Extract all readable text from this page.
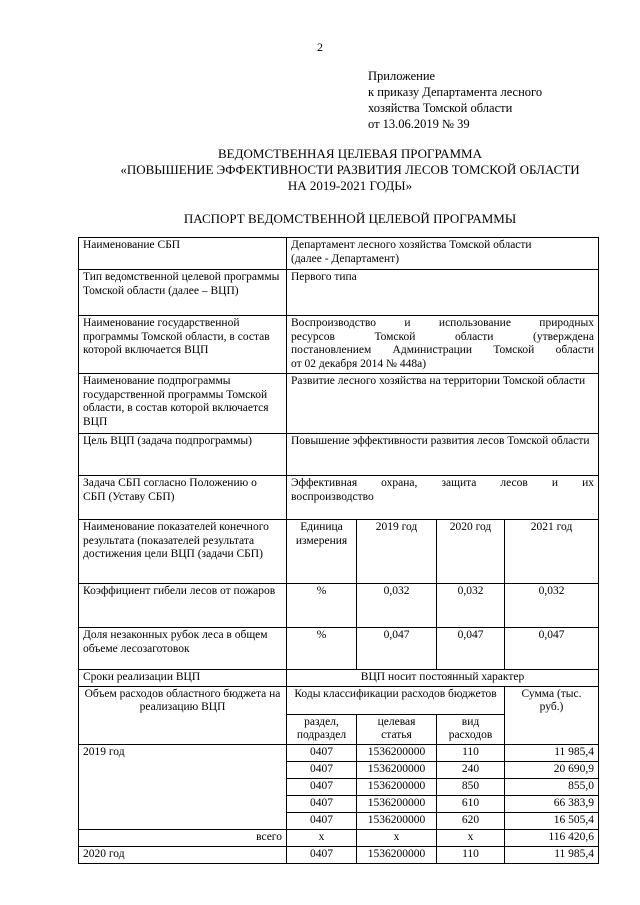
2
Приложение
к приказу Департамента лесного
хозяйства Томской области
от 13.06.2019 № 39
ВЕДОМСТВЕННАЯ ЦЕЛЕВАЯ ПРОГРАММА
«ПОВЫШЕНИЕ ЭФФЕКТИВНОСТИ РАЗВИТИЯ ЛЕСОВ ТОМСКОЙ ОБЛАСТИ
НА 2019-2021 ГОДЫ»
ПАСПОРТ ВЕДОМСТВЕННОЙ ЦЕЛЕВОЙ ПРОГРАММЫ
Наименование СБП	Департамент лесного хозяйства Томской области
(далее - Департамент)			

Тип ведомственной целевой программы Томской области (далее – ВЦП)	Первого типа			
Наименование государственной программы Томской области, в состав которой включается ВЦП	Воспроизводство и использование природных
ресурсов Томской области (утверждена
постановлением Администрации Томской области
от 02 декабря 2014 № 448а)			

Наименование подпрограммы государственной программы Томской области, в состав которой включается ВЦП	Развитие лесного хозяйства на территории Томской области			
Цель ВЦП (задача подпрограммы)	Повышение эффективности развития лесов Томской области			
Задача СБП согласно Положению о СБП (Уставу СБП)	Эффективная охрана, защита лесов и их
воспроизводство			

Наименование показателей конечного результата (показателей результата достижения цели ВЦП (задачи СБП)	Единица измерения	2019 год	2020 год	2021 год
Коэффициент гибели лесов от пожаров	%	0,032	0,032	0,032
Доля незаконных рубок леса в общем объеме лесозаготовок	%	0,047	0,047	0,047
Сроки реализации ВЦП	ВЦП носит постоянный характер			
Объем расходов областного бюджета на реализацию ВЦП	Коды классификации расходов бюджетов			Сумма (тыс. руб.)
	раздел, подраздел	целевая статья	вид расходов	
2019 год	0407	1536200000	110	11 985,4
	0407	1536200000	240	20 690,9
	0407	1536200000	850	855,0
	0407	1536200000	610	66 383,9
	0407	1536200000	620	16 505,4
всего	х	х	х	116 420,6
2020 год	0407	1536200000	110	11 985,4
